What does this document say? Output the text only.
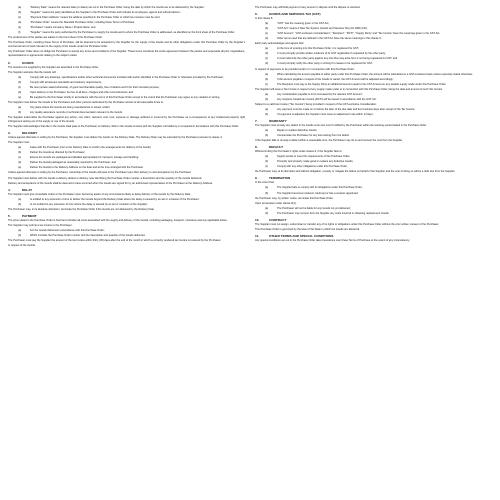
(a)	"Delivery Date" means the relevant date (or dates) set out in the Purchase Order, being the date by which the Goods are to be delivered by the Supplier;
(b)	"Supplier" means the party identified as the Supplier in the Purchase Order and includes its employees, agents and subcontractors;
(c)	"Payment Claim Address" means the address specified in the Purchase Order to which tax invoices must be sent;
(d)	"Purchase Order" means the Standard Purchase Order, including these Terms of Purchase;
(e)	"Purchaser" means Company Name / Project Name; and
(f)	"Supplier" means the party authorised by the Purchaser to supply the Goods and to whom the Purchase Order is addressed, as identified on the front sheet of the Purchase Order.

The preferences of the parties are stated on the front sheet of the Purchase Order.

The Purchase Order, including these Terms of Purchase, will be deemed to be accepted by the Supplier for the supply of the Goods and its other obligations under this Purchase Order by the Supplier's commencement of work relevant to the supply of the Goods under the Purchase Order.

Any Purchaser Order does not oblige the Purchaser to accept any terms and conditions of the Supplier. These terms constitute the entire agreement between the parties and supersede all prior negotiations, representations or agreements relating to the subject matter.

2.	GOODS

The Goods to be supplied by the Supplier are described in the Purchase Order.

The Supplier warrants that the Goods will:

(a)	Comply with any drawings, specifications and/or other technical documents included with and/or identified in the Purchase Order or otherwise provided by the Purchaser;
(b)	Comply with all relevant standards and statutory requirements;
(c)	Be new (unless stated otherwise), of good merchantable quality, free of defects and fit for their intended purpose;
(d)	Upon delivery to the Purchaser, be free of all liens, charges and other encumbrances; and
(e)	Be supplied to the Purchaser strictly in accordance with the terms of this Purchase Order except to the extent that the Purchaser may agree to any variation in writing.

The Supplier must deliver the Goods to the Purchaser and other persons authorised by the Purchaser access at all reasonable times to:

(a)	Any place where the Goods are being manufactured or stored; and/or
(b)	Any quality assurance records or technical documentation relevant to the Goods.

The Supplier indemnifies the Purchaser against any action, suit, claim, demand, cost, loss, expense or damage suffered or incurred by the Purchaser as a consequence of any intellectual property right infringement arising out of the supply or use of the Goods.

The Supplier acknowledges that title in the Goods shall pass to the Purchaser on delivery. Risk in the Goods remains with the Supplier until delivery is completed in accordance with this Purchase Order.

3.	DELIVERY

Unless agreed otherwise in writing by the Purchaser, the Supplier must deliver the Goods on the Delivery Date. The Delivery Date may be extended by the Purchaser pursuant to clause 4.

The Supplier must:

(a)	Liaise with the Purchaser prior to the Delivery Date to confirm the arrangements for delivery of the Goods;
(b)	Deliver the Goods as directed by the Purchaser;
(c)	Ensure the Goods are packaged and labelled appropriately for transport, storage and handling;
(d)	Deliver the Goods packaged as reasonably required by the Purchaser; and
(e)	Deliver the Goods to the Delivery Address on the date and at the time arranged with the Purchaser.

Unless agreed otherwise in writing by the Purchaser, ownership of the Goods will pass to the Purchaser upon their delivery to and acceptance by the Purchaser.

The Supplier must deliver with the Goods a delivery docket or delivery note identifying the Purchase Order number, a description and the quantity of the Goods delivered.

Delivery and acceptance of the Goods shall be deemed to have occurred when the Goods are signed for by an authorised representative of the Purchaser at the Delivery Address.

4.	DELAY

The Supplier must give immediate notice to the Purchaser upon becoming aware of any circumstance likely to delay delivery of the Goods by the Delivery Date.

(a)	Is entitled to any extension of time to deliver the Goods beyond the Delivery Date where the delay is caused by an act or omission of the Purchaser;
(b)	Is not entitled to any extension of time where the delay is caused by an act or omission of the Supplier;

The Purchaser may, in its absolute discretion, terminate the Purchase Order if the Goods are not delivered by the Delivery Date.

5.	PAYMENT

The price stated in the Purchase Order is fixed and includes all costs associated with the supply and delivery of the Goods, including packaging, transport, insurance and any applicable duties.

The Supplier may submit a tax invoice to the Purchaser:

(a)	For the Goods delivered in accordance with this Purchase Order;
(b)	Which includes the Purchase Order number and the description and quantity of the Goods delivered.

The Purchaser must pay the Supplier the amount of the tax invoice within thirty (30) days after the end of the month in which a correctly rendered tax invoice is received by the Purchaser.

In respect of the Goods:

The Purchaser may withhold payment of any amount in dispute until the dispute is resolved.

6.	GOODS AND SERVICES TAX (GST)

In this clause 6:

(a)	"GST" has the meaning given in the GST Act;
(b)	"GST Act" means A New Tax System (Goods and Services Tax) Act 1999 (Cth);
(c)	"GST Amount", "GST-exclusive Consideration", "Recipient", "RCTI", "Supply Party" and "Tax Invoice" have the meanings given in the GST Act.
(d)	Other terms used that are defined in the GST Act have the same meanings in this clause 6.

Each party acknowledges and agrees that:

(a)	At the time of entering into this Purchase Order, it is registered for GST;
(b)	It must promptly provide written evidence of its GST registration if requested by the other party;
(c)	It must indemnify the other party against any loss that may arise from it not being registered for GST; and
(d)	It must promptly notify the other party in writing if it ceases to be registered for GST.

In respect of payments to be provided under or in connection with this Purchase Order:

(a)	When calculating the amount payable to either party under this Purchase Order, the amount will be calculated on a GST-exclusive basis unless expressly stated otherwise;
(b)	If the amount payable in respect of the Goods is varied, the GST Amount will be adjusted accordingly;
(c)	The Recipient must pay to the Supply Party an additional amount equal to the GST Amount on any taxable supply made under this Purchase Order.

The Supplier will issue a Tax Invoice in respect of any supply made under or in connection with this Purchase Order, being the date and amount of such Tax Invoice.

(a)	Any consideration payable is to be increased by the relevant GST Amount;
(b)	Any recipient created tax invoice (RCTI) will be issued in accordance with the GST Act.

Subject to a valid tax invoice ("Tax Invoice") being provided in respect of the GST-exclusive Consideration:

(a)	Any payment must be made on or before the later of the due date and five business days after receipt of the Tax Invoice;
(b)	If a payment is adjusted, the Supplier must issue an adjustment note within 14 days.
7.	WARRANTY

The Supplier must remedy any defect in the Goods at its own cost if notified by the Purchaser within the warranty period stated in the Purchase Order.

(a)	Repair or replace defective Goods;
(b)	Compensate the Purchaser for any loss arising from the defect.

If the Supplier fails to remedy a defect within a reasonable time, the Purchaser may do so and recover the cost from the Supplier.

8.	DEFAULT

Without limiting the Purchaser's rights under clause 9, if the Supplier fails to:

(a)	Supply Goods to meet the requirements of this Purchase Order;
(b)	Promptly and properly make good or replace any defective Goods;
(c)	Comply with any other obligations under this Purchase Order,

the Purchaser may, at its discretion and without obligation, remedy or mitigate the failure on behalf of the Supplier and the cost of doing so will be a debt due from the Supplier.

9.	TERMINATION

In the event that:

(a)	The Supplier fails to comply with its obligations under this Purchase Order;
(b)	The Supplier becomes insolvent, bankrupt or has a receiver appointed;

the Purchaser may, by written notice, terminate this Purchase Order.

Upon termination under clause 9(1):

(a)	The Purchaser will not be liable for any Goods not yet delivered;
(b)	The Purchaser may recover from the Supplier any costs incurred in obtaining replacement Goods.
10.	CONTRACT

The Supplier must not assign, subcontract or transfer any of its rights or obligations under this Purchase Order without the prior written consent of the Purchaser.

This Purchase Order is governed by the laws of the State in which the Goods are delivered.

11.	OTHER TERMS AND SPECIAL CONDITIONS

Any special conditions set out in the Purchase Order take precedence over these Terms of Purchase to the extent of any inconsistency.
